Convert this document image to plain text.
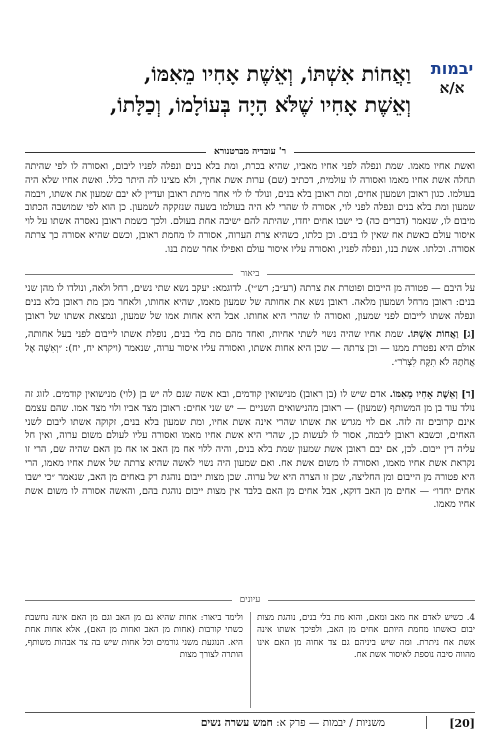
יבמות
א/א
וַאֲחוֹת אִשְׁתּוֹ, וְאֵשֶׁת אָחִיו מֵאִמּוֹ,
וְאֵשֶׁת אָחִיו שֶׁלֹּא הָיָה בְּעוֹלָמוֹ, וְכַלָּתוֹ,
ר' עובדיה מברטנורא

ואשת אחיו מאמו. שמת ונפלה לפני אחיו מאביו, שהיא בכרת, ומת בלא בנים ונפלה לפניו ליבום, ואסורה לו לפי שהיתה תחלה אשת אחיו מאמו ואסורה לו עולמית, דכתיב (שם) ערות אשת אחיך, ולא מצינו לה היתר כלל. ואשת אחיו שלא היה בעולמו. כגון ראובן ושמעון אחים, ומת ראובן בלא בנים, ונולד לו לוי אחר מיתת ראובן ועדיין לא יבם שמעון את אשתו, ויבמה שמעון ומת בלא בנים ונפלה לפני לוי, אסורה לו שהרי לא היה בעולמו בשעה שנזקקה לשמעון. כן הוא לפי שמושבה הכתוב מיבום לו, שנאמר (דברים כה) כי ישבו אחים יחדו, שהיתה להם ישיבה אחת בעולם. ולכך כשמת ראובן נאסרה אשתו על לוי איסור עולם כאשת אח שאין לו בנים. וכן כלתו, כשהיא צרת הערוה, אסורה לו מחמת ראובן, וכשם שהיא אסורה כך צרתה אסורה. וכלתו. אשת בנו, ונפלה לפניו, ואסורה עליו איסור עולם ואפילו אחר שמת בנו.

ביאור

על היבם — פטורה מן הייבום ופוטרת את צרתה (רע״ב; רש״י). לדוגמא: יעקב נשא שתי נשים, רחל ולאה, ונולדו לו מהן שני בנים: ראובן מרחל ושמעון מלאה. ראובן נשא את אחותה של שמעון מאמו, שהיא אחותו, ולאחר מכן מת ראובן בלא בנים ונפלה אשתו לייבום לפני שמעון, ואסורה לו שהרי היא אחותו. אבל היא אחות אמו של שמעון, ונמצאת אשתו של ראובן

[ג] וַאֲחוֹת אִשְׁתּוֹ. שמת אחיו שהיה נשוי לשתי אחיות, ואחד מהם מת בלי בנים, נופלת אשתו לייבום לפני בעל אחותה, אולם היא נפטרת ממנו — וכן צרתה — שכן היא אחות אשתו, ואסורה עליו איסור ערוה, שנאמר (ויקרא יח, יח): ״וְאִשָּׁה אֶל אֲחֹתָהּ לֹא תִקָּח לִצְרֹר״.

[ד] וְאֵשֶׁת אָחִיו מֵאִמּוֹ. אדם שיש לו (בן ראובן) מנישואין קודמים, ובא אשה שגם לה יש בן (לוי) מנישואין קודמים. לזוג זה נולד עוד בן מן המשותף (שמעון) — ראובן מהנישואים השניים — יש שני אחים: ראובן מצד אביו ולוי מצד אמו. שהם עצמם אינם קרובים זה לזה. אם לוי מגרש את אשתו שהרי אינה אשת אחיו, ומת שמעון בלא בנים, זקוקה אשתו ליבום לשני האחים, וכשבא ראובן ליבמה, אסור לו לעשות כן, שהרי היא אשת אחיו מאמו ואסורה עליו לעולם משום ערוה, ואין חל עליה דין ייבום. לכן, אם יבם ראובן אשת שמעון שמת בלא בנים, והיה ללוי אח מן האב או אח מן האם שהיה שם, הרי זו נקראת אשת אחיו מאמו, ואסורה לו משום אשת אח. ואם שמעון היה נשוי לאשה שהיא צרתה של אשת אחיו מאמו, הרי היא פטורה מן הייבום ומן החליצה, שכן זו הצרה היא של ערוה. שכן מצות ייבום נוהגת רק באחים מן האב, שנאמר ״כי ישבו אחים יחדו״ — אחים מן האב דוקא, אבל אחים מן האם בלבד אין מצות ייבום נוהגת בהם, והאשה אסורה לו משום אשת אחיו מאמו.

עיונים
4. כשיש לאדם אח מאב ומאם, והוא מת בלי בנים, נוהגת מצות יבום כאשתו מחמת היותם אחים מן האב, ולפיכך אשתו אינה אשת אח ניתרת. ומה שיש ביניהם גם צד אחוה מן האם אינו מהווה סיבה נוספת לאיסור אשת אח.
ולימד ביאור: אחות שהיא גם מן האב וגם מן האם אינה נחשבת כשתי קורבות (אחות מן האב ואחות מן האם), אלא אחות אחת היא. הנוגעת משני גורמים וכל אחות שיש בה צד אבהות משותף, הותרה לצורך מצות
[20]
משניות / יבמות — פרק א: חמש עשרה נשים
